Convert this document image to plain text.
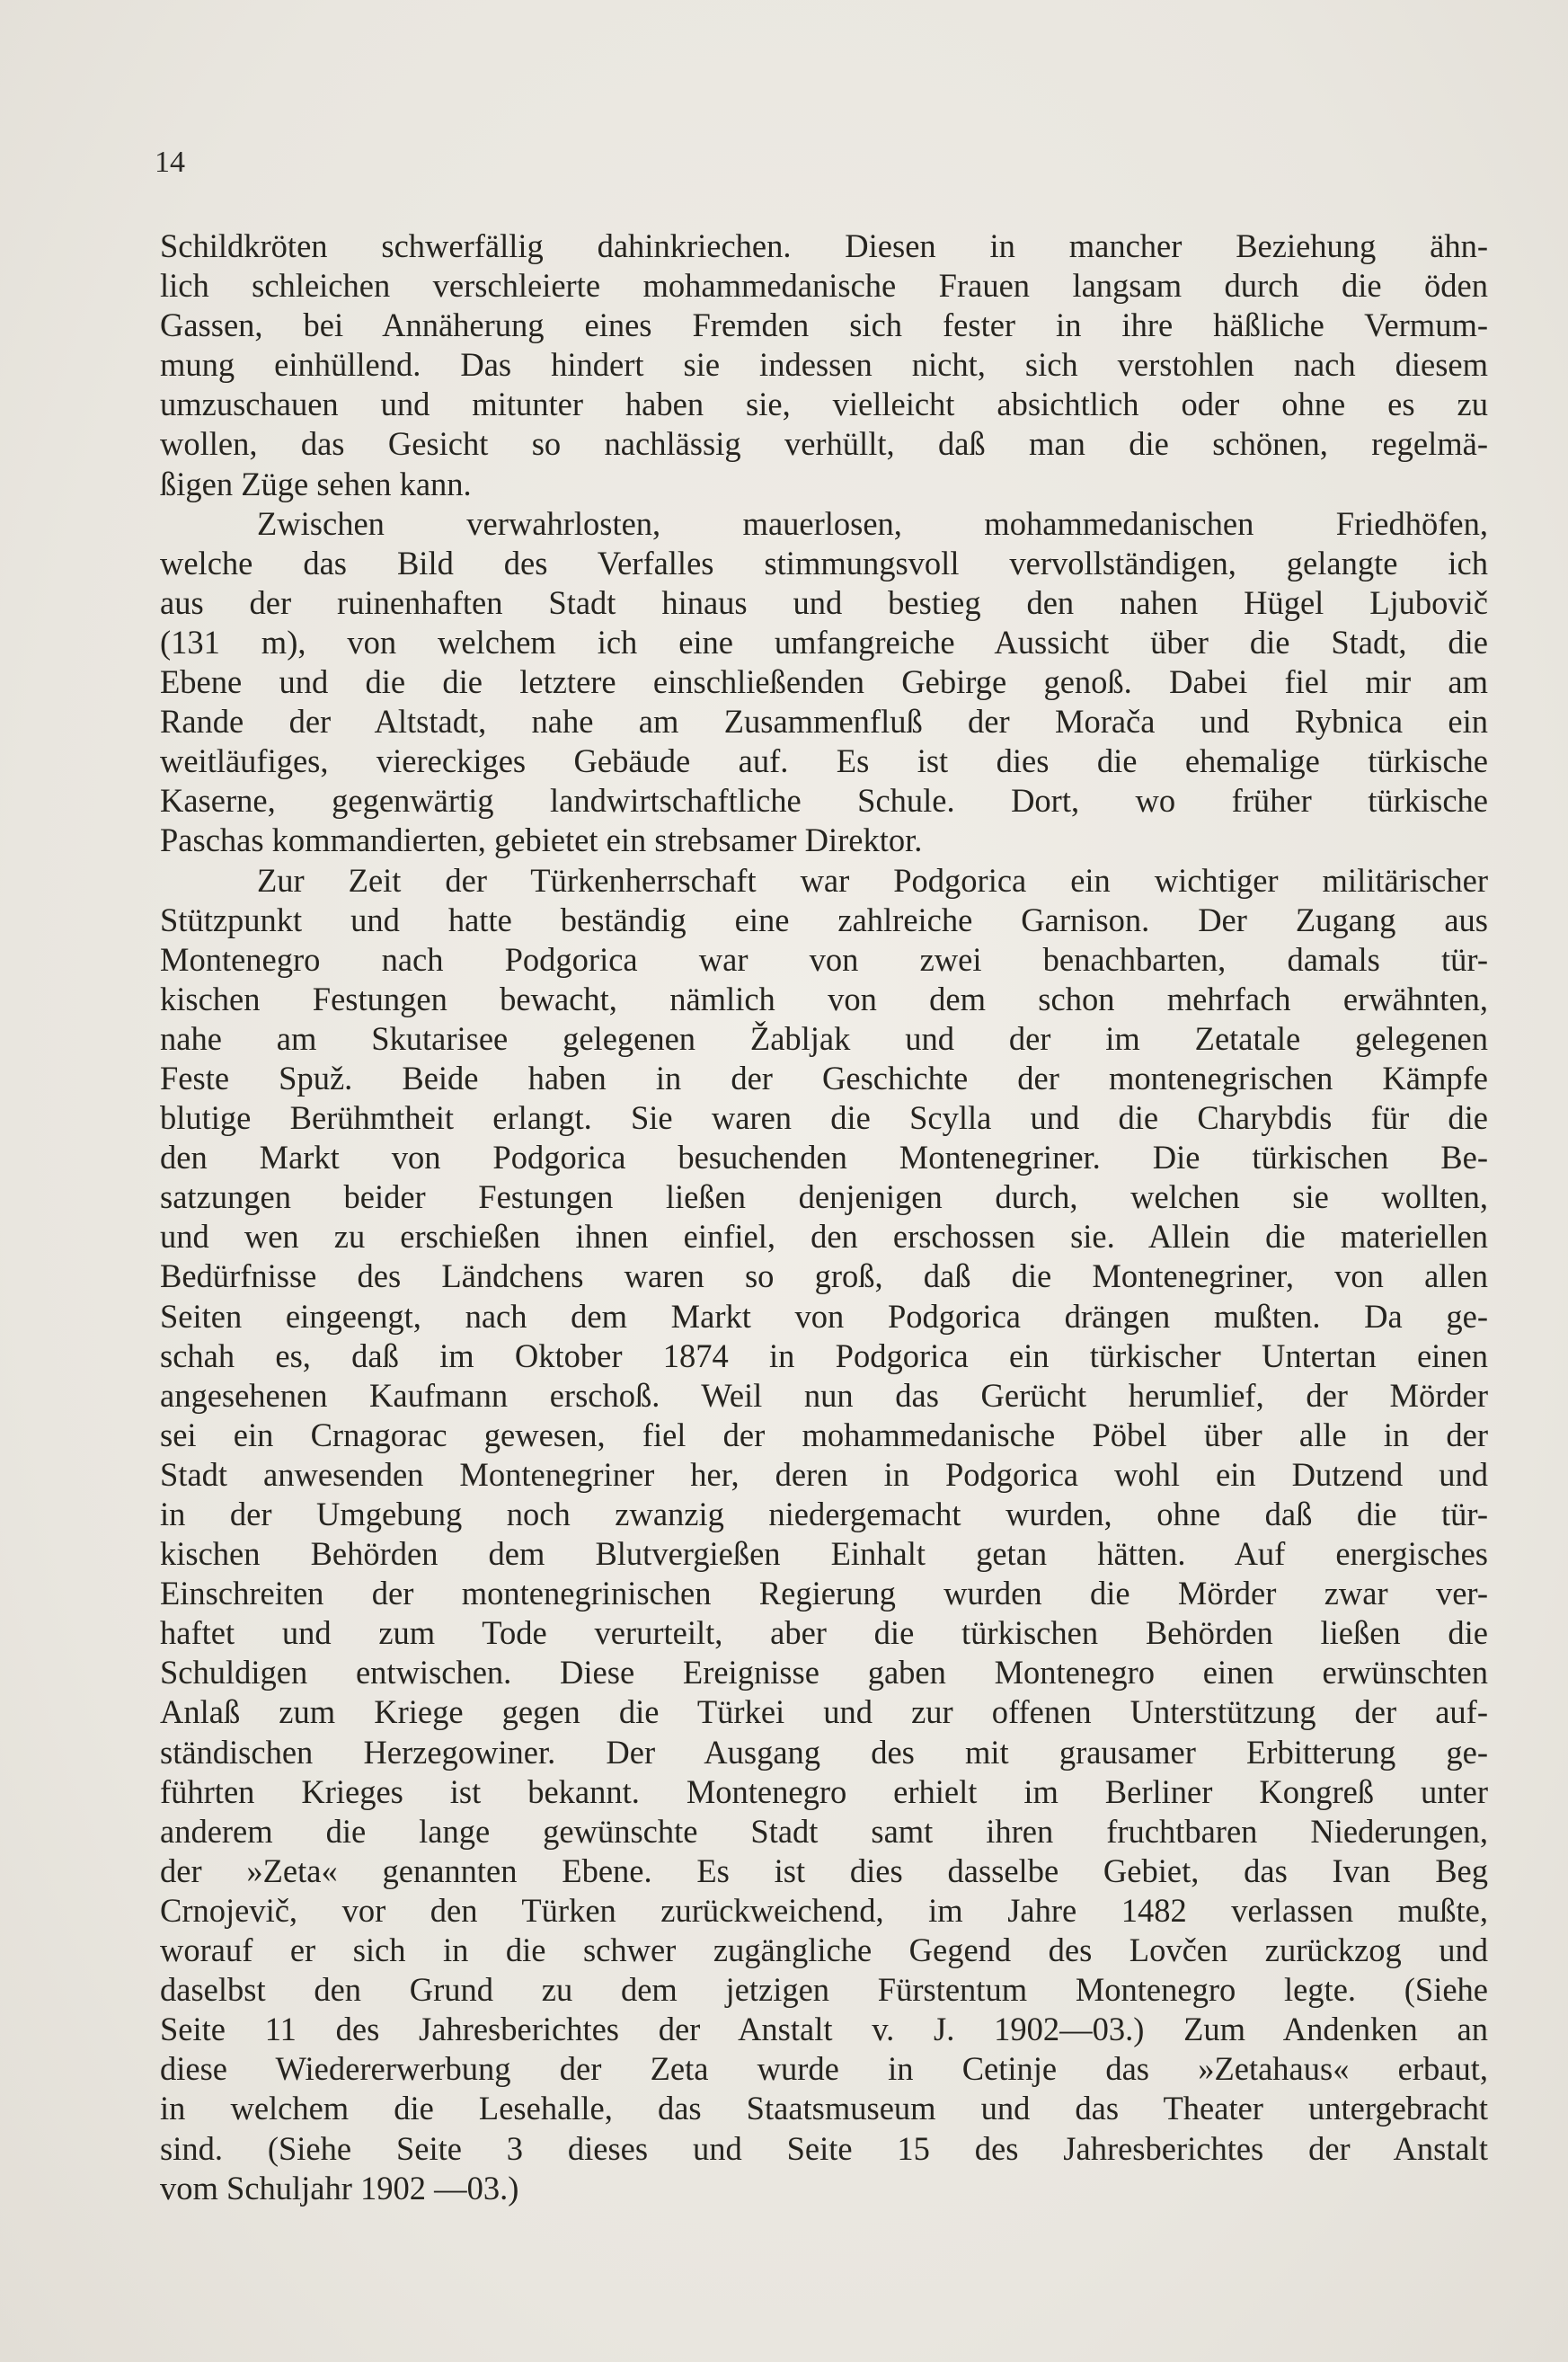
14
Schildkröten schwerfällig dahinkriechen. Diesen in mancher Beziehung ähn-
lich schleichen verschleierte mohammedanische Frauen langsam durch die öden
Gassen, bei Annäherung eines Fremden sich fester in ihre häßliche Vermum-
mung einhüllend. Das hindert sie indessen nicht, sich verstohlen nach diesem
umzuschauen und mitunter haben sie, vielleicht absichtlich oder ohne es zu
wollen, das Gesicht so nachlässig verhüllt, daß man die schönen, regelmä-
ßigen Züge sehen kann.
Zwischen verwahrlosten, mauerlosen, mohammedanischen Friedhöfen,
welche das Bild des Verfalles stimmungsvoll vervollständigen, gelangte ich
aus der ruinenhaften Stadt hinaus und bestieg den nahen Hügel Ljubovič
(131 m), von welchem ich eine umfangreiche Aussicht über die Stadt, die
Ebene und die die letztere einschließenden Gebirge genoß. Dabei fiel mir am
Rande der Altstadt, nahe am Zusammenfluß der Morača und Rybnica ein
weitläufiges, viereckiges Gebäude auf. Es ist dies die ehemalige türkische
Kaserne, gegenwärtig landwirtschaftliche Schule. Dort, wo früher türkische
Paschas kommandierten, gebietet ein strebsamer Direktor.
Zur Zeit der Türkenherrschaft war Podgorica ein wichtiger militärischer
Stützpunkt und hatte beständig eine zahlreiche Garnison. Der Zugang aus
Montenegro nach Podgorica war von zwei benachbarten, damals tür-
kischen Festungen bewacht, nämlich von dem schon mehrfach erwähnten,
nahe am Skutarisee gelegenen Žabljak und der im Zetatale gelegenen
Feste Spuž. Beide haben in der Geschichte der montenegrischen Kämpfe
blutige Berühmtheit erlangt. Sie waren die Scylla und die Charybdis für die
den Markt von Podgorica besuchenden Montenegriner. Die türkischen Be-
satzungen beider Festungen ließen denjenigen durch, welchen sie wollten,
und wen zu erschießen ihnen einfiel, den erschossen sie. Allein die materiellen
Bedürfnisse des Ländchens waren so groß, daß die Montenegriner, von allen
Seiten eingeengt, nach dem Markt von Podgorica drängen mußten. Da ge-
schah es, daß im Oktober 1874 in Podgorica ein türkischer Untertan einen
angesehenen Kaufmann erschoß. Weil nun das Gerücht herumlief, der Mörder
sei ein Crnagorac gewesen, fiel der mohammedanische Pöbel über alle in der
Stadt anwesenden Montenegriner her, deren in Podgorica wohl ein Dutzend und
in der Umgebung noch zwanzig niedergemacht wurden, ohne daß die tür-
kischen Behörden dem Blutvergießen Einhalt getan hätten. Auf energisches
Einschreiten der montenegrinischen Regierung wurden die Mörder zwar ver-
haftet und zum Tode verurteilt, aber die türkischen Behörden ließen die
Schuldigen entwischen. Diese Ereignisse gaben Montenegro einen erwünschten
Anlaß zum Kriege gegen die Türkei und zur offenen Unterstützung der auf-
ständischen Herzegowiner. Der Ausgang des mit grausamer Erbitterung ge-
führten Krieges ist bekannt. Montenegro erhielt im Berliner Kongreß unter
anderem die lange gewünschte Stadt samt ihren fruchtbaren Niederungen,
der »Zeta« genannten Ebene. Es ist dies dasselbe Gebiet, das Ivan Beg
Crnojevič, vor den Türken zurückweichend, im Jahre 1482 verlassen mußte,
worauf er sich in die schwer zugängliche Gegend des Lovčen zurückzog und
daselbst den Grund zu dem jetzigen Fürstentum Montenegro legte. (Siehe
Seite 11 des Jahresberichtes der Anstalt v. J. 1902—03.) Zum Andenken an
diese Wiedererwerbung der Zeta wurde in Cetinje das »Zetahaus« erbaut,
in welchem die Lesehalle, das Staatsmuseum und das Theater untergebracht
sind. (Siehe Seite 3 dieses und Seite 15 des Jahresberichtes der Anstalt
vom Schuljahr 1902 —03.)
